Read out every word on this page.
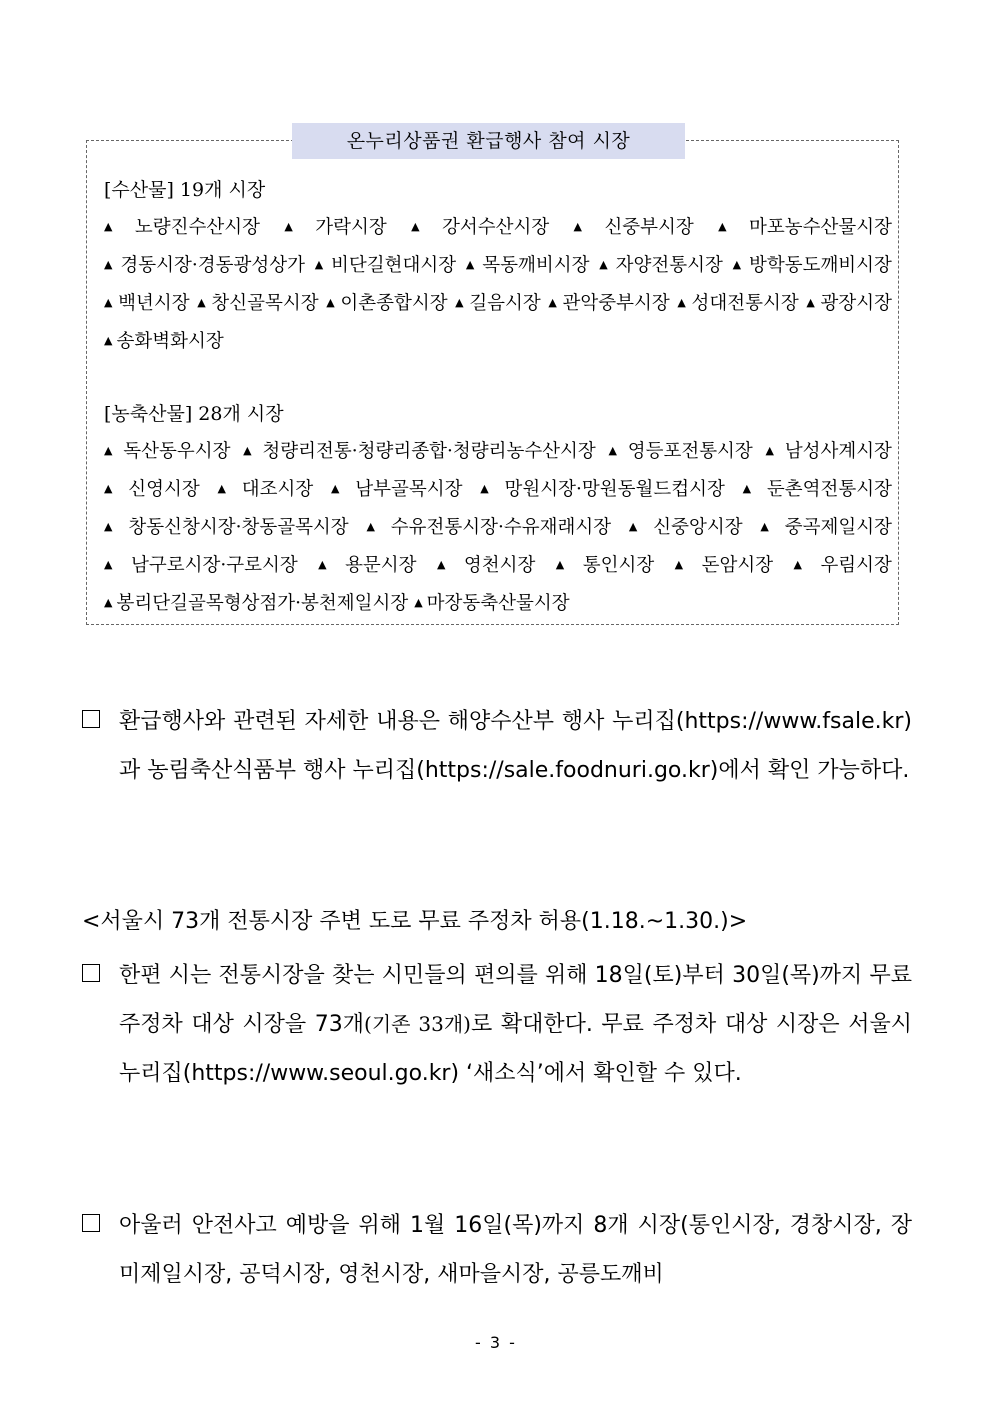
온누리상품권 환급행사 참여 시장
[수산물] 19개 시장

▲ 노량진수산시장 ▲ 가락시장 ▲ 강서수산시장 ▲ 신중부시장 ▲ 마포농수산물시장 ▲ 경동시장·경동광성상가 ▲ 비단길현대시장 ▲ 목동깨비시장 ▲ 자양전통시장 ▲ 방학동도깨비시장 ▲ 백년시장 ▲ 창신골목시장 ▲ 이촌종합시장 ▲ 길음시장 ▲ 관악중부시장 ▲ 성대전통시장 ▲ 광장시장 ▲ 송화벽화시장

[농축산물] 28개 시장

▲ 독산동우시장 ▲ 청량리전통·청량리종합·청량리농수산시장 ▲ 영등포전통시장 ▲ 남성사계시장 ▲ 신영시장 ▲ 대조시장 ▲ 남부골목시장 ▲ 망원시장·망원동월드컵시장 ▲ 둔촌역전통시장 ▲ 창동신창시장·창동골목시장 ▲ 수유전통시장·수유재래시장 ▲ 신중앙시장 ▲ 중곡제일시장 ▲ 남구로시장·구로시장 ▲ 용문시장 ▲ 영천시장 ▲ 통인시장 ▲ 돈암시장 ▲ 우림시장 ▲ 봉리단길골목형상점가·봉천제일시장 ▲ 마장동축산물시장

환급행사와 관련된 자세한 내용은 해양수산부 행사 누리집(https://www.fsale.kr)과 농림축산식품부 행사 누리집(https://sale.foodnuri.go.kr)에서 확인 가능하다.
<서울시 73개 전통시장 주변 도로 무료 주정차 허용(1.18.~1.30.)>
한편 시는 전통시장을 찾는 시민들의 편의를 위해 18일(토)부터 30일(목)까지 무료 주정차 대상 시장을 73개(기존 33개)로 확대한다. 무료 주정차 대상 시장은 서울시 누리집(https://www.seoul.go.kr) ‘새소식’에서 확인할 수 있다.
아울러 안전사고 예방을 위해 1월 16일(목)까지 8개 시장(통인시장, 경창시장, 장미제일시장, 공덕시장, 영천시장, 새마을시장, 공릉도깨비
- 3 -
